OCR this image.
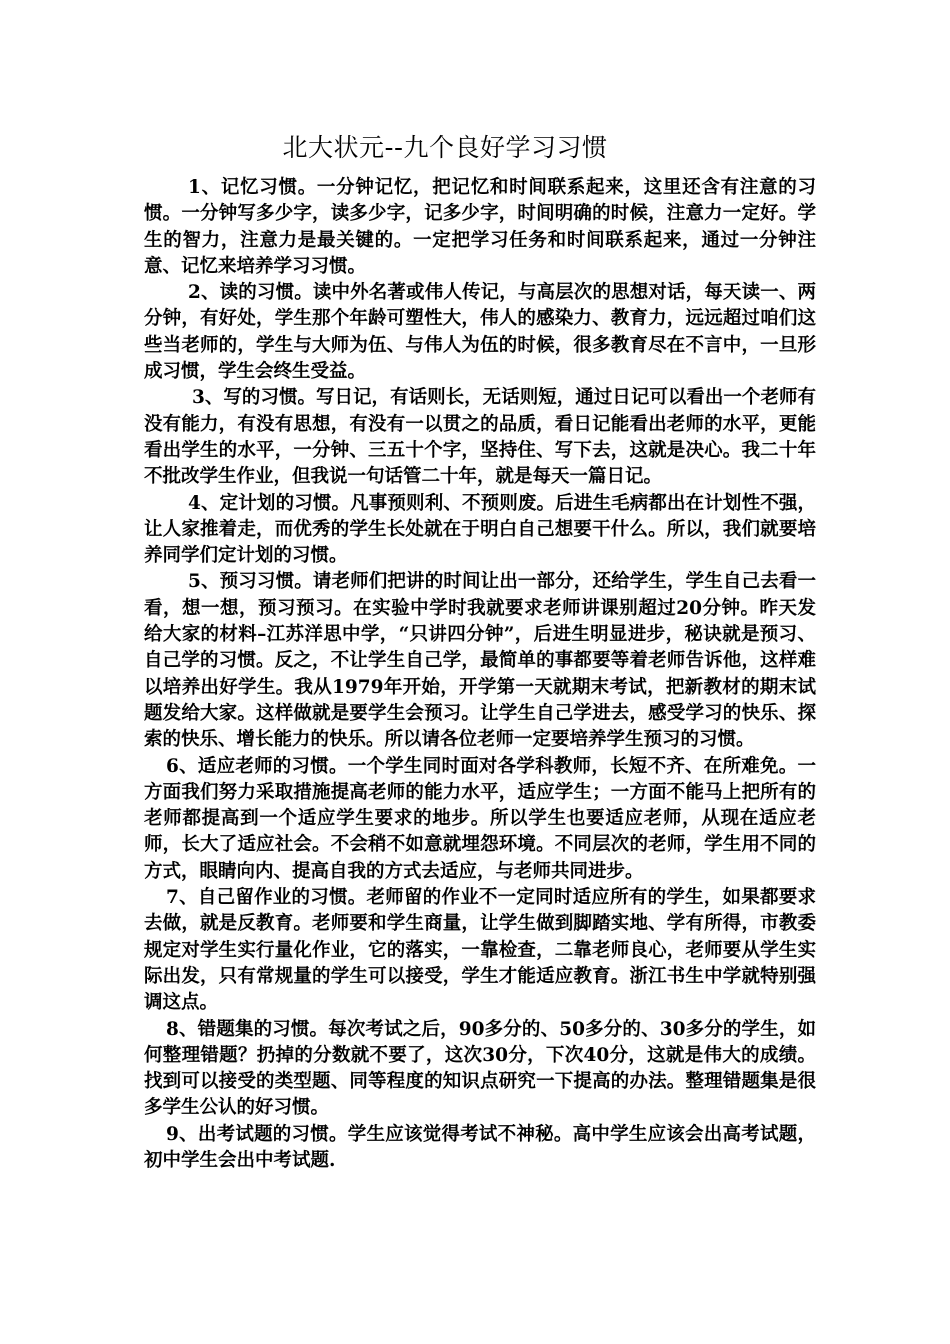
北大状元--九个良好学习习惯

1、记忆习惯。一分钟记忆，把记忆和时间联系起来，这里还含有注意的习惯。一分钟写多少字，读多少字，记多少字，时间明确的时候，注意力一定好。学生的智力，注意力是最关键的。一定把学习任务和时间联系起来，通过一分钟注意、记忆来培养学习习惯。

2、读的习惯。读中外名著或伟人传记，与高层次的思想对话，每天读一、两分钟，有好处，学生那个年龄可塑性大，伟人的感染力、教育力，远远超过咱们这些当老师的，学生与大师为伍、与伟人为伍的时候，很多教育尽在不言中，一旦形成习惯，学生会终生受益。

3、写的习惯。写日记，有话则长，无话则短，通过日记可以看出一个老师有没有能力，有没有思想，有没有一以贯之的品质，看日记能看出老师的水平，更能看出学生的水平，一分钟、三五十个字，坚持住、写下去，这就是决心。我二十年不批改学生作业，但我说一句话管二十年，就是每天一篇日记。

4、定计划的习惯。凡事预则利、不预则废。后进生毛病都出在计划性不强，让人家推着走，而优秀的学生长处就在于明白自己想要干什么。所以，我们就要培养同学们定计划的习惯。

5、预习习惯。请老师们把讲的时间让出一部分，还给学生，学生自己去看一看，想一想，预习预习。在实验中学时我就要求老师讲课别超过20分钟。昨天发给大家的材料–江苏洋思中学，“只讲四分钟”，后进生明显进步，秘诀就是预习、自己学的习惯。反之，不让学生自己学，最简单的事都要等着老师告诉他，这样难以培养出好学生。我从1979年开始，开学第一天就期末考试，把新教材的期末试题发给大家。这样做就是要学生会预习。让学生自己学进去，感受学习的快乐、探索的快乐、增长能力的快乐。所以请各位老师一定要培养学生预习的习惯。

6、适应老师的习惯。一个学生同时面对各学科教师，长短不齐、在所难免。一方面我们努力采取措施提高老师的能力水平，适应学生；一方面不能马上把所有的老师都提高到一个适应学生要求的地步。所以学生也要适应老师，从现在适应老师，长大了适应社会。不会稍不如意就埋怨环境。不同层次的老师，学生用不同的方式，眼睛向内、提高自我的方式去适应，与老师共同进步。

7、自己留作业的习惯。老师留的作业不一定同时适应所有的学生，如果都要求去做，就是反教育。老师要和学生商量，让学生做到脚踏实地、学有所得，市教委规定对学生实行量化作业，它的落实，一靠检查，二靠老师良心，老师要从学生实际出发，只有常规量的学生可以接受，学生才能适应教育。浙江书生中学就特别强调这点。

8、错题集的习惯。每次考试之后，90多分的、50多分的、30多分的学生，如何整理错题？扔掉的分数就不要了，这次30分，下次40分，这就是伟大的成绩。找到可以接受的类型题、同等程度的知识点研究一下提高的办法。整理错题集是很多学生公认的好习惯。

9、出考试题的习惯。学生应该觉得考试不神秘。高中学生应该会出高考试题，初中学生会出中考试题.
